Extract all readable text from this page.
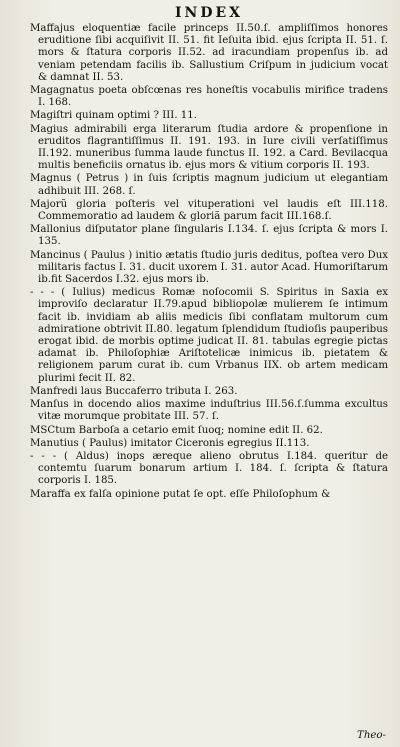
INDEX

Maffajus eloquentiæ facile princeps II.50.ſ. ampliſſimos honores eruditione ſibi acquiſivit II. 51. fit Ieſuita ibid. ejus ſcripta II. 51. ſ. mors & ſtatura corporis II.52. ad iracundiam propenſus ib. ad veniam petendam facilis ib. Sallustium Criſpum in judicium vocat & damnat II. 53.

Magagnatus poeta obſcœnas res honeſtis vocabulis mirifice tradens I. 168.

Magiſtri quinam optimi ? III. 11.

Magius admirabili erga literarum ſtudia ardore & propenſione in eruditos flagrantiſſimus II. 191. 193. in Iure civili verſatiſſimus II.192. muneribus ſumma laude functus II. 192. a Card. Bevilacqua multis beneficiis ornatus ib. ejus mors & vitium corporis II. 193.

Magnus ( Petrus ) in ſuis ſcriptis magnum judicium ut elegantiam adhibuit III. 268. ſ.

Majorũ gloria poſteris vel vituperationi vel laudis eſt III.118. Commemoratio ad laudem & gloriã parum facit III.168.ſ.

Mallonius diſputator plane ſingularis I.134. ſ. ejus ſcripta & mors I. 135.

Mancinus ( Paulus ) initio ætatis ſtudio juris deditus, poſtea vero Dux militaris factus I. 31. ducit uxorem I. 31. autor Acad. Humoriſtarum ib.fit Sacerdos I.32. ejus mors ib.

- - - ( Iulius) medicus Romæ noſocomii S. Spiritus in Saxia ex improviſo declaratur II.79.apud bibliopolæ mulierem ſe intimum facit ib. invidiam ab aliis medicis ſibi conflatam multorum cum admiratione obtrivit II.80. legatum ſplendidum ſtudioſis pauperibus erogat ibid. de morbis optime judicat II. 81. tabulas egregie pictas adamat ib. Philoſophiæ Ariſtotelicæ inimicus ib. pietatem & religionem parum curat ib. cum Vrbanus IIX. ob artem medicam plurimi fecit II. 82.

Manfredi laus Buccaferro tributa I. 263.

Manſus in docendo alios maxime induſtrius III.56.ſ.ſumma excultus vitæ morumque probitate III. 57. ſ.

MSCtum Barboſa a cetario emit ſuoq; nomine edit II. 62.

Manutius ( Paulus) imitator Ciceronis egregius II.113.

- - - ( Aldus) inops æreque alieno obrutus I.184. queritur de contemtu ſuarum bonarum artium I. 184. ſ. ſcripta & ſtatura corporis I. 185.

Maraffa ex falſa opinione putat ſe opt. eſſe Philoſophum &

Theo-
